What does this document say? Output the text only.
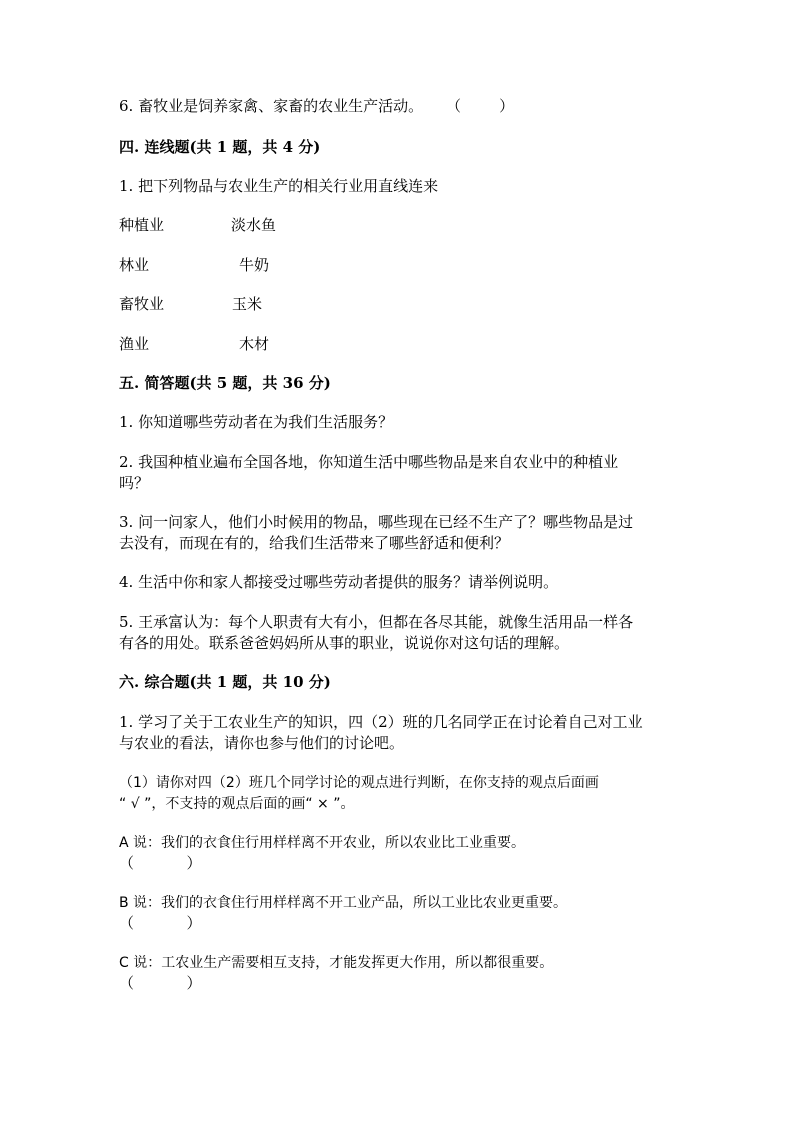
6. 畜牧业是饲养家禽、家畜的农业生产活动。 （        ）
四. 连线题(共 1 题，共 4 分)
1. 把下列物品与农业生产的相关行业用直线连来
种植业	淡水鱼
林业	牛奶
畜牧业	玉米
渔业	木材
五. 简答题(共 5 题，共 36 分)
1. 你知道哪些劳动者在为我们生活服务？
2. 我国种植业遍布全国各地，你知道生活中哪些物品是来自农业中的种植业
吗？
3. 问一问家人，他们小时候用的物品，哪些现在已经不生产了？哪些物品是过
去没有，而现在有的，给我们生活带来了哪些舒适和便利？
4. 生活中你和家人都接受过哪些劳动者提供的服务？请举例说明。
5. 王承富认为：每个人职责有大有小，但都在各尽其能，就像生活用品一样各
有各的用处。联系爸爸妈妈所从事的职业，说说你对这句话的理解。
六. 综合题(共 1 题，共 10 分)
1. 学习了关于工农业生产的知识，四（2）班的几名同学正在讨论着自己对工业
与农业的看法，请你也参与他们的讨论吧。
（1）请你对四（2）班几个同学讨论的观点进行判断，在你支持的观点后面画
“ √ ”，不支持的观点后面的画“ × ”。
A 说：我们的衣食住行用样样离不开农业，所以农业比工业重要。
（           ）
B 说：我们的衣食住行用样样离不开工业产品，所以工业比农业更重要。
（           ）
C 说：工农业生产需要相互支持，才能发挥更大作用，所以都很重要。
（           ）
